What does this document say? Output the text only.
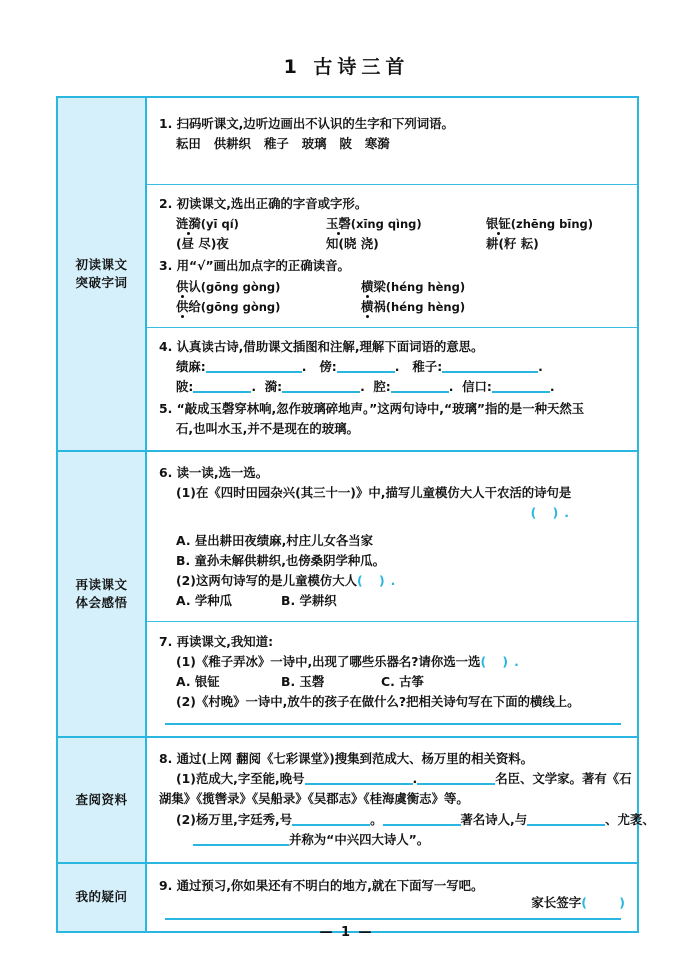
1 古诗三首
初读课文
突破字词

1. 扫码听课文,边听边画出不认识的生字和下列词语。
耘田 供耕织 稚子 玻璃 陂 寒漪
2. 初读课文,选出正确的字音或字形。
涟漪(yī qí)	玉磬(xīng qìng)	银钲(zhēng bīng)
(昼 尽)夜	知(晓 浇)	耕(籽 耘)
3. 用“√”画出加点字的正确读音。
供认(gōng gòng)	横梁(héng hèng)
供给(gōng gòng)	横祸(héng hèng)
4. 认真读古诗,借助课文插图和注解,理解下面词语的意思。
绩麻:	.   傍:	.   稚子:	.
陂:	.  漪:	.  腔:	.  信口:	.
5. “敲成玉磬穿林响,忽作玻璃碎地声。”这两句诗中,“玻璃”指的是一种天然玉
石,也叫水玉,并不是现在的玻璃。

再读课文
体会感悟

6. 读一读,选一选。
(1)在《四时田园杂兴(其三十一)》中,描写儿童模仿大人干农活的诗句是
( ).
A. 昼出耕田夜绩麻,村庄儿女各当家
B. 童孙未解供耕织,也傍桑阴学种瓜。
(2)这两句诗写的是儿童模仿大人( ).
A. 学种瓜	B. 学耕织
7. 再读课文,我知道:
(1)《稚子弄冰》一诗中,出现了哪些乐器名?请你选一选( ).
A. 银钲	B. 玉磬	C. 古筝
(2)《村晚》一诗中,放牛的孩子在做什么?把相关诗句写在下面的横线上。

查阅资料	8. 通过(上网 翻阅《七彩课堂》)搜集到范成大、杨万里的相关资料。
(1)范成大,字至能,晚号 . 名臣、文学家。著有《石
湖集》《揽辔录》《吴船录》《吴郡志》《桂海虞衡志》等。
(2)杨万里,字廷秀,号 。 著名诗人,与 、尤袤、
并称为“中兴四大诗人”。

我的疑问	9. 通过预习,你如果还有不明白的地方,就在下面写一写吧。
家长签字( )
— 1 —
